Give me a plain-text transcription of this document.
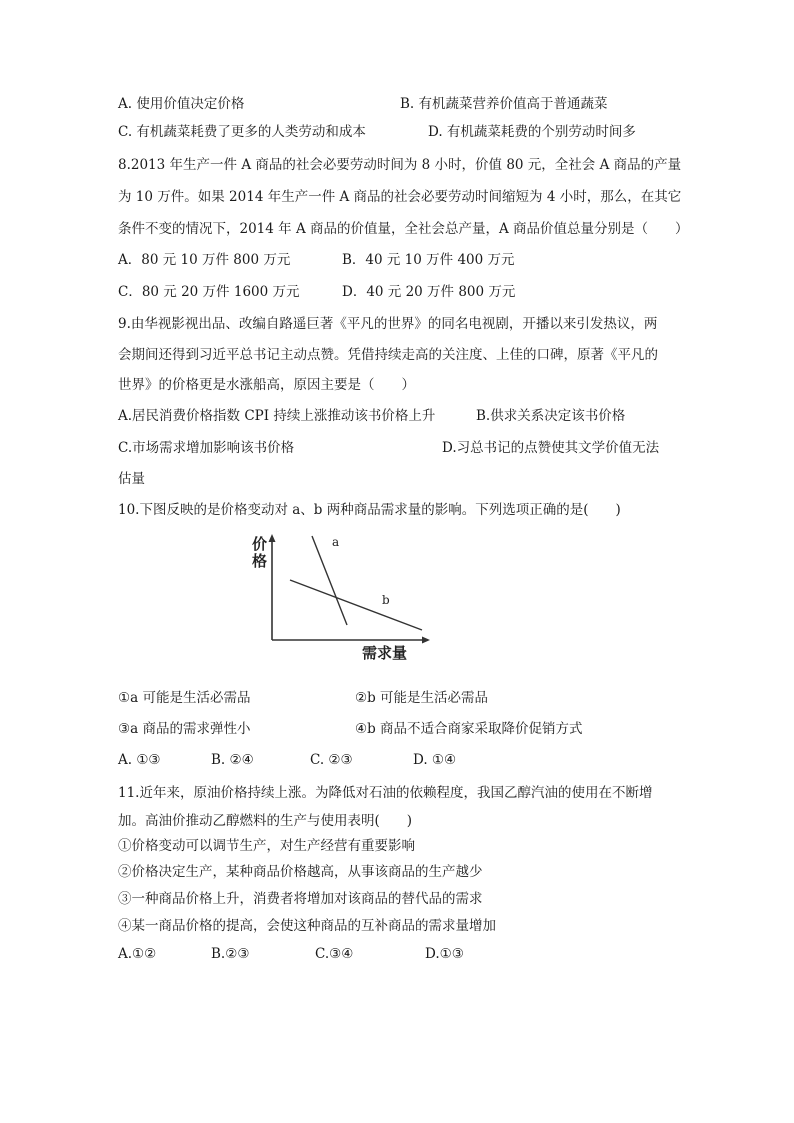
A. 使用价值决定价格	B. 有机蔬菜营养价值高于普通蔬菜
C. 有机蔬菜耗费了更多的人类劳动和成本	D. 有机蔬菜耗费的个别劳动时间多
8.2013 年生产一件 A 商品的社会必要劳动时间为 8 小时，价值 80 元，全社会 A 商品的产量
为 10 万件。如果 2014 年生产一件 A 商品的社会必要劳动时间缩短为 4 小时，那么，在其它
条件不变的情况下，2014 年 A 商品的价值量，全社会总产量，A 商品价值总量分别是（　　）
A．80 元 10 万件 800 万元	B．40 元 10 万件 400 万元
C．80 元 20 万件 1600 万元	D．40 元 20 万件 800 万元
9.由华视影视出品、改编自路遥巨著《平凡的世界》的同名电视剧，开播以来引发热议，两
会期间还得到习近平总书记主动点赞。凭借持续走高的关注度、上佳的口碑，原著《平凡的
世界》的价格更是水涨船高，原因主要是（　　）
A.居民消费价格指数 CPI 持续上涨推动该书价格上升	B.供求关系决定该书价格
C.市场需求增加影响该书价格	D.习总书记的点赞使其文学价值无法
估量
10.下图反映的是价格变动对 a、b 两种商品需求量的影响。下列选项正确的是(　　)
价
格
需求量
a
b
①a 可能是生活必需品	②b 可能是生活必需品
③a 商品的需求弹性小	④b 商品不适合商家采取降价促销方式
A. ①③	B. ②④	C. ②③	D. ①④
11.近年来，原油价格持续上涨。为降低对石油的依赖程度，我国乙醇汽油的使用在不断增
加。高油价推动乙醇燃料的生产与使用表明(　　)
①价格变动可以调节生产，对生产经营有重要影响
②价格决定生产，某种商品价格越高，从事该商品的生产越少
③一种商品价格上升，消费者将增加对该商品的替代品的需求
④某一商品价格的提高，会使这种商品的互补商品的需求量增加
A.①②	B.②③	C.③④	D.①③
